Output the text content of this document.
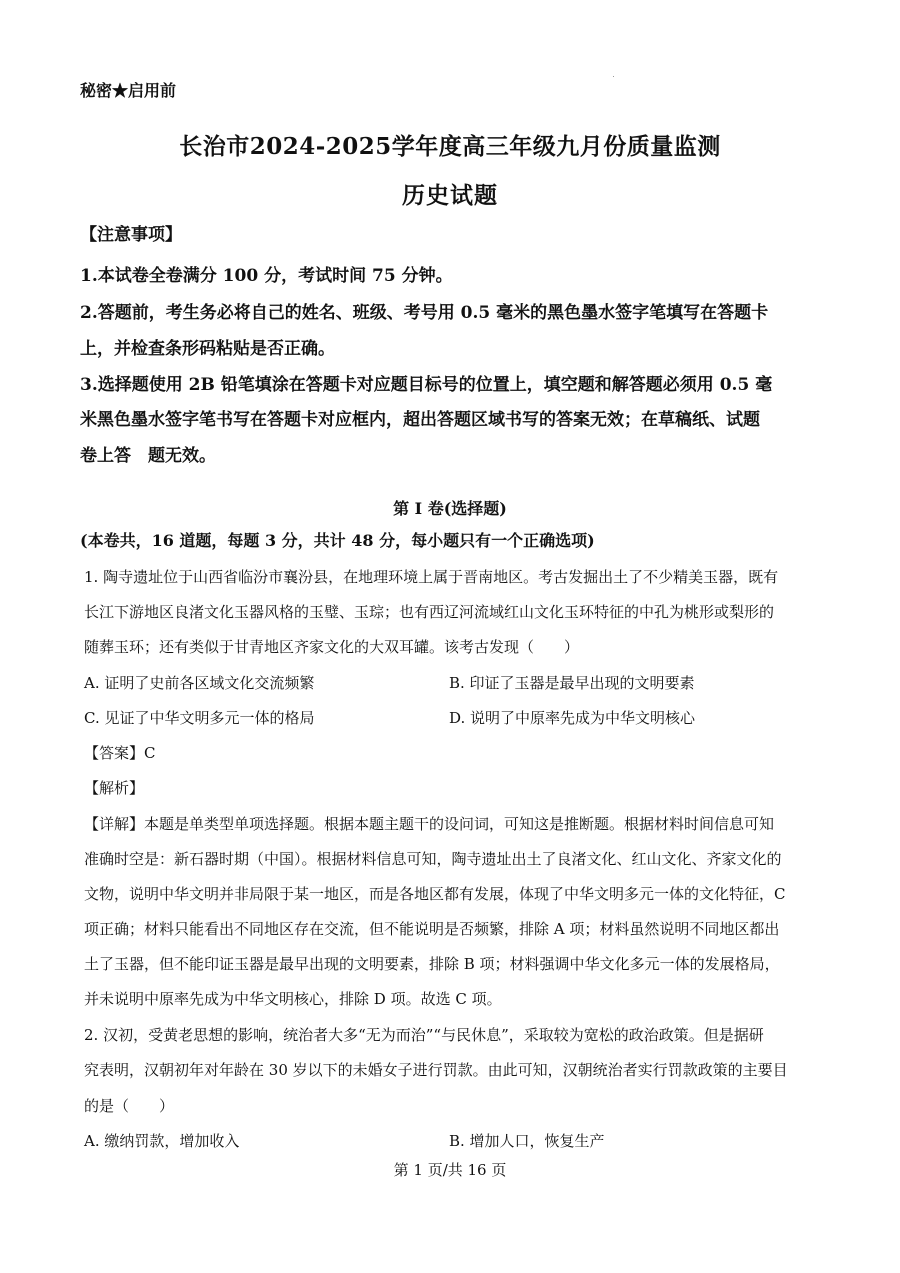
秘密★启用前
长治市2024-2025学年度高三年级九月份质量监测
历史试题
【注意事项】
1.本试卷全卷满分 100 分，考试时间 75 分钟。
2.答题前，考生务必将自己的姓名、班级、考号用 0.5 毫米的黑色墨水签字笔填写在答题卡
上，并检查条形码粘贴是否正确。
3.选择题使用 2B 铅笔填涂在答题卡对应题目标号的位置上，填空题和解答题必须用 0.5 毫
米黑色墨水签字笔书写在答题卡对应框内，超出答题区域书写的答案无效；在草稿纸、试题
卷上答　题无效。
第 Ⅰ 卷(选择题)
(本卷共，16 道题，每题 3 分，共计 48 分，每小题只有一个正确选项)
1. 陶寺遗址位于山西省临汾市襄汾县，在地理环境上属于晋南地区。考古发掘出土了不少精美玉器，既有
长江下游地区良渚文化玉器风格的玉璧、玉琮；也有西辽河流域红山文化玉环特征的中孔为桃形或梨形的
随葬玉环；还有类似于甘青地区齐家文化的大双耳罐。该考古发现（　　）
A. 证明了史前各区域文化交流频繁	B. 印证了玉器是最早出现的文明要素
C. 见证了中华文明多元一体的格局	D. 说明了中原率先成为中华文明核心
【答案】C
【解析】
【详解】本题是单类型单项选择题。根据本题主题干的设问词，可知这是推断题。根据材料时间信息可知
准确时空是：新石器时期（中国）。根据材料信息可知，陶寺遗址出土了良渚文化、红山文化、齐家文化的
文物，说明中华文明并非局限于某一地区，而是各地区都有发展，体现了中华文明多元一体的文化特征，C
项正确；材料只能看出不同地区存在交流，但不能说明是否频繁，排除 A 项；材料虽然说明不同地区都出
土了玉器，但不能印证玉器是最早出现的文明要素，排除 B 项；材料强调中华文化多元一体的发展格局，
并未说明中原率先成为中华文明核心，排除 D 项。故选 C 项。
2. 汉初，受黄老思想的影响，统治者大多“无为而治”“与民休息”，采取较为宽松的政治政策。但是据研
究表明，汉朝初年对年龄在 30 岁以下的未婚女子进行罚款。由此可知，汉朝统治者实行罚款政策的主要目
的是（　　）
A. 缴纳罚款，增加收入	B. 增加人口，恢复生产
第 1 页/共 16 页
